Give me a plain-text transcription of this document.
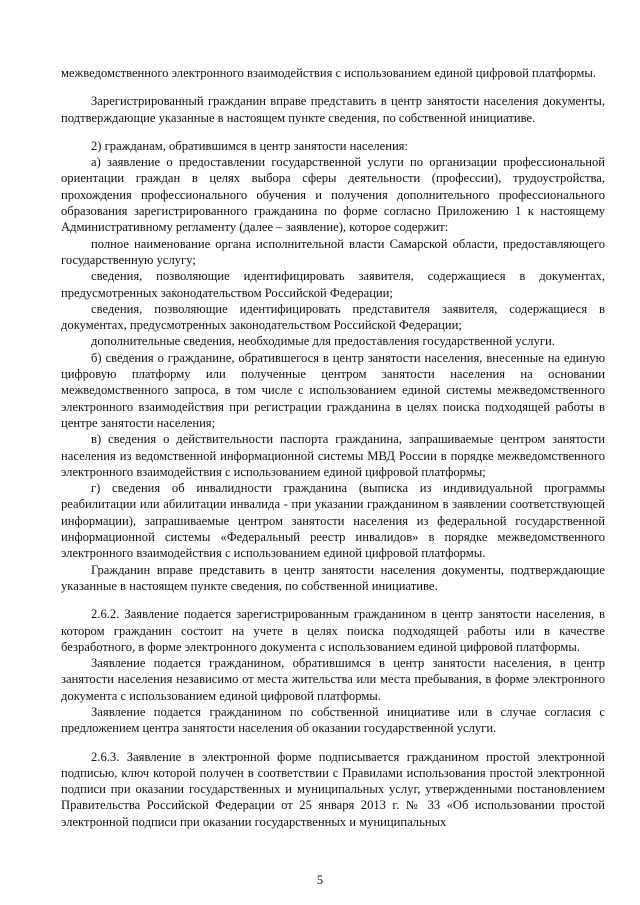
межведомственного электронного взаимодействия с использованием единой цифровой платформы.

Зарегистрированный гражданин вправе представить в центр занятости населения документы, подтверждающие указанные в настоящем пункте сведения, по собственной инициативе.

2) гражданам, обратившимся в центр занятости населения:

а) заявление о предоставлении государственной услуги по организации профессиональной ориентации граждан в целях выбора сферы деятельности (профессии), трудоустройства, прохождения профессионального обучения и получения дополнительного профессионального образования зарегистрированного гражданина по форме согласно Приложению 1 к настоящему Административному регламенту (далее – заявление), которое содержит:

полное наименование органа исполнительной власти Самарской области, предоставляющего государственную услугу;

сведения, позволяющие идентифицировать заявителя, содержащиеся в документах, предусмотренных законодательством Российской Федерации;

сведения, позволяющие идентифицировать представителя заявителя, содержащиеся в документах, предусмотренных законодательством Российской Федерации;

дополнительные сведения, необходимые для предоставления государственной услуги.

б) сведения о гражданине, обратившегося в центр занятости населения, внесенные на единую цифровую платформу или полученные центром занятости населения на основании межведомственного запроса, в том числе с использованием единой системы межведомственного электронного взаимодействия при регистрации гражданина в целях поиска подходящей работы в центре занятости населения;

в) сведения о действительности паспорта гражданина, запрашиваемые центром занятости населения из ведомственной информационной системы МВД России в порядке межведомственного электронного взаимодействия с использованием единой цифровой платформы;

г) сведения об инвалидности гражданина (выписка из индивидуальной программы реабилитации или абилитации инвалида - при указании гражданином в заявлении соответствующей информации), запрашиваемые центром занятости населения из федеральной государственной информационной системы «Федеральный реестр инвалидов» в порядке межведомственного электронного взаимодействия с использованием единой цифровой платформы.

Гражданин вправе представить в центр занятости населения документы, подтверждающие указанные в настоящем пункте сведения, по собственной инициативе.

2.6.2. Заявление подается зарегистрированным гражданином в центр занятости населения, в котором гражданин состоит на учете в целях поиска подходящей работы или в качестве безработного, в форме электронного документа с использованием единой цифровой платформы.

Заявление подается гражданином, обратившимся в центр занятости населения, в центр занятости населения независимо от места жительства или места пребывания, в форме электронного документа с использованием единой цифровой платформы.

Заявление подается гражданином по собственной инициативе или в случае согласия с предложением центра занятости населения об оказании государственной услуги.

2.6.3. Заявление в электронной форме подписывается гражданином простой электронной подписью, ключ которой получен в соответствии с Правилами использования простой электронной подписи при оказании государственных и муниципальных услуг, утвержденными постановлением Правительства Российской Федерации от 25 января 2013 г. № 33 «Об использовании простой электронной подписи при оказании государственных и муниципальных

5
